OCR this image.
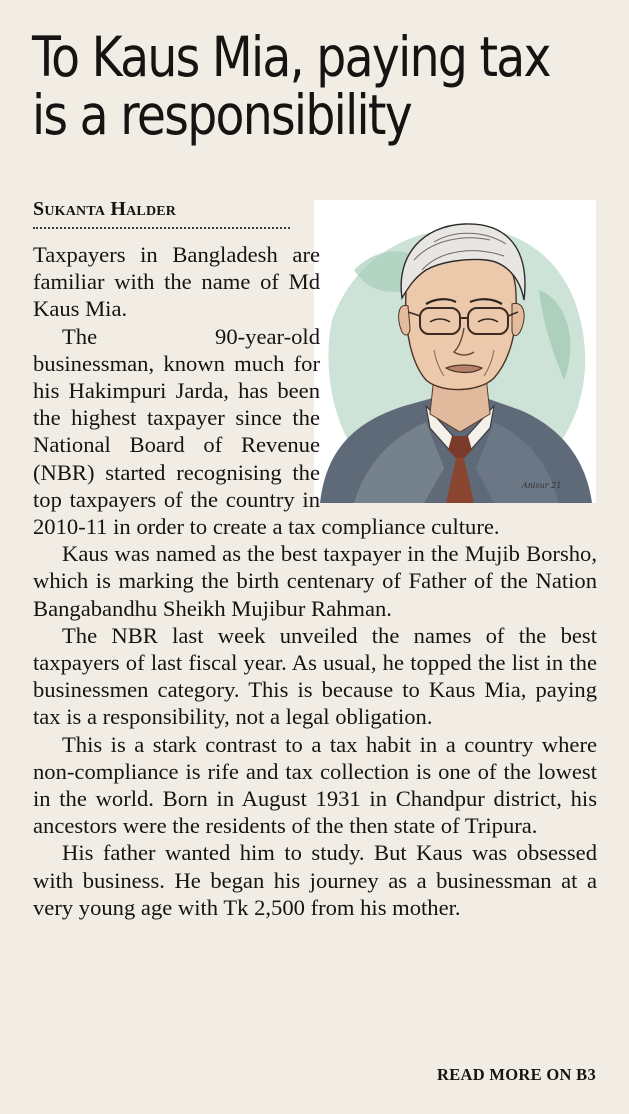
To Kaus Mia, paying tax
is a responsibility
Sukanta Halder
Anisur 21

Taxpayers in Bangladesh are familiar with the name of Md Kaus Mia.

The 90-year-old businessman, known much for his Hakimpuri Jarda, has been the highest taxpayer since the National Board of Revenue (NBR) started recognising the top taxpayers of the country in 2010-11 in order to create a tax compliance culture.

Kaus was named as the best taxpayer in the Mujib Borsho, which is marking the birth centenary of Father of the Nation Bangabandhu Sheikh Mujibur Rahman.

The NBR last week unveiled the names of the best taxpayers of last fiscal year. As usual, he topped the list in the businessmen category. This is because to Kaus Mia, paying tax is a responsibility, not a legal obligation.

This is a stark contrast to a tax habit in a country where non-compliance is rife and tax collection is one of the lowest in the world. Born in August 1931 in Chandpur district, his ancestors were the residents of the then state of Tripura.

His father wanted him to study. But Kaus was obsessed with business. He began his journey as a businessman at a very young age with Tk 2,500 from his mother.

READ MORE ON B3
